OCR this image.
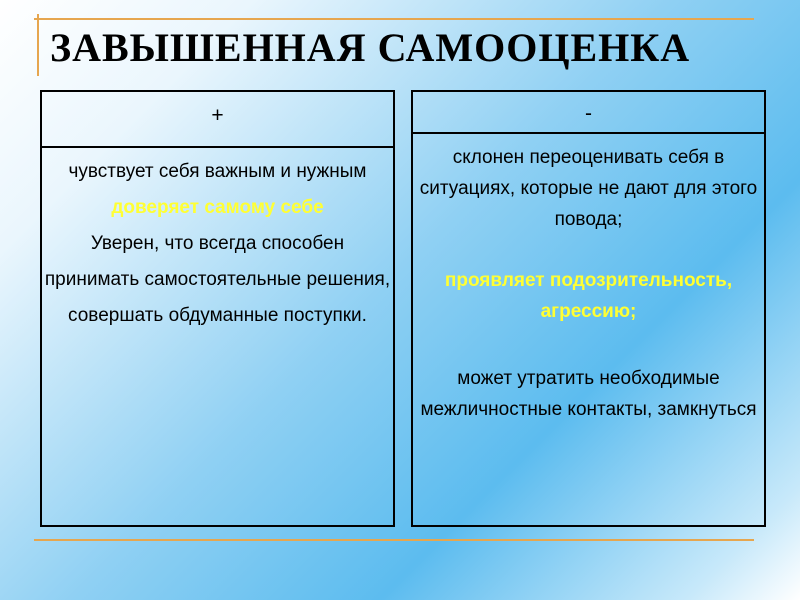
ЗАВЫШЕННАЯ САМООЦЕНКА
+
чувствует себя важным и нужным
доверяет самому себе
Уверен, что всегда способен принимать самостоятельные решения, совершать обдуманные поступки.
-
склонен переоценивать себя в ситуациях, которые не дают для этого повода;
проявляет подозрительность, агрессию;
может утратить необходимые межличностные контакты, замкнуться
